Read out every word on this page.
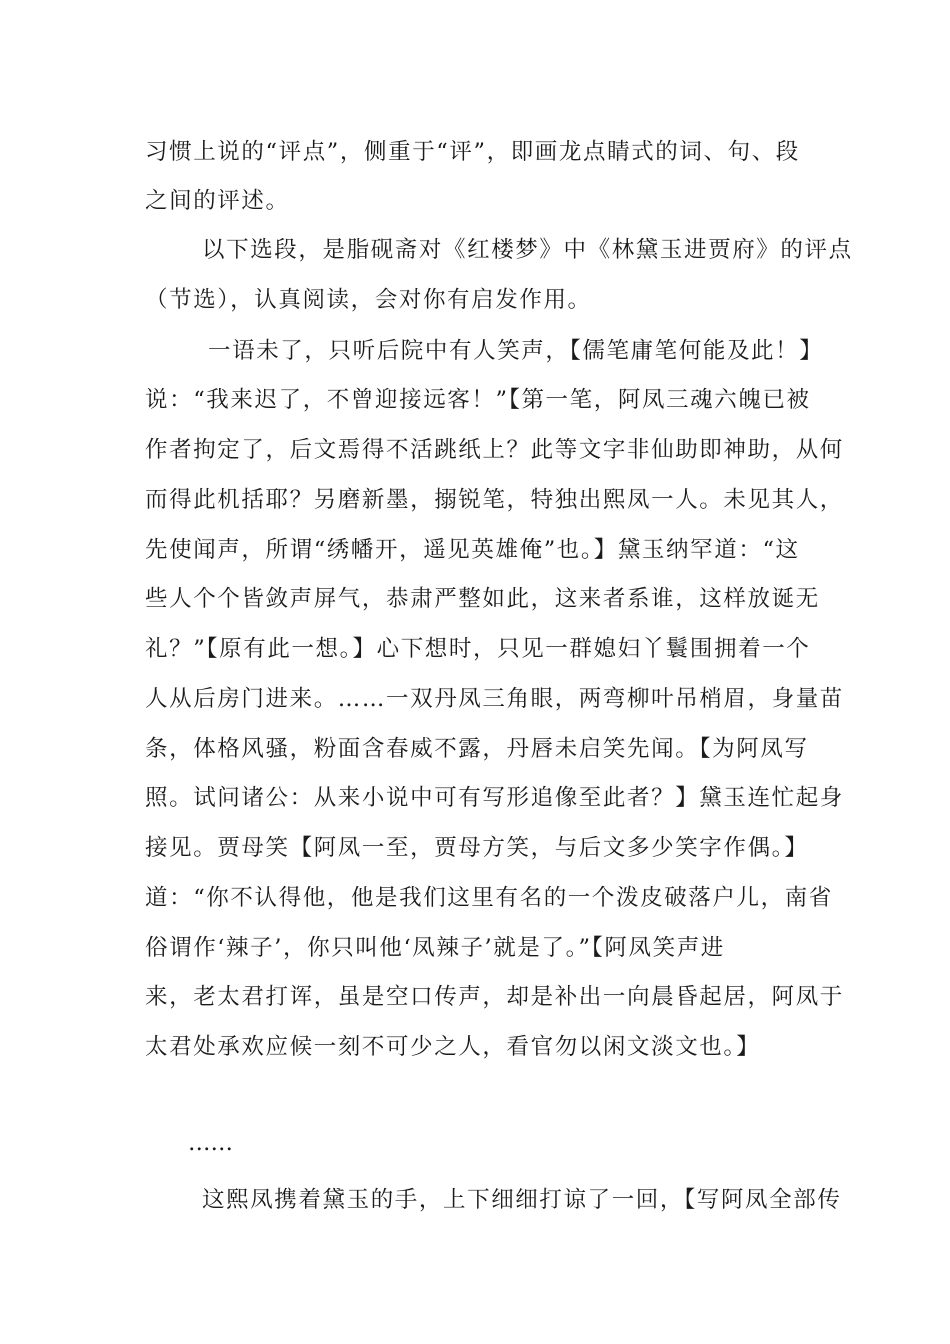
习惯上说的“评点”，侧重于“评”，即画龙点睛式的词、句、段
之间的评述。
以下选段，是脂砚斋对《红楼梦》中《林黛玉进贾府》的评点
（节选），认真阅读，会对你有启发作用。
一语未了，只听后院中有人笑声，【儒笔庸笔何能及此！】
说：“我来迟了，不曾迎接远客！”【第一笔，阿凤三魂六魄已被
作者拘定了，后文焉得不活跳纸上？此等文字非仙助即神助，从何
而得此机括耶？另磨新墨，搦锐笔，特独出熙凤一人。未见其人，
先使闻声，所谓“绣幡开，遥见英雄俺”也。】黛玉纳罕道：“这
些人个个皆敛声屏气，恭肃严整如此，这来者系谁，这样放诞无
礼？”【原有此一想。】心下想时，只见一群媳妇丫鬟围拥着一个
人从后房门进来。……一双丹凤三角眼，两弯柳叶吊梢眉，身量苗
条，体格风骚，粉面含春威不露，丹唇未启笑先闻。【为阿凤写
照。试问诸公：从来小说中可有写形追像至此者？】黛玉连忙起身
接见。贾母笑【阿凤一至，贾母方笑，与后文多少笑字作偶。】
道：“你不认得他，他是我们这里有名的一个泼皮破落户儿，南省
俗谓作‘辣子’，你只叫他‘凤辣子’就是了。”【阿凤笑声进
来，老太君打诨，虽是空口传声，却是补出一向晨昏起居，阿凤于
太君处承欢应候一刻不可少之人，看官勿以闲文淡文也。】
……
这熙凤携着黛玉的手，上下细细打谅了一回，【写阿凤全部传
